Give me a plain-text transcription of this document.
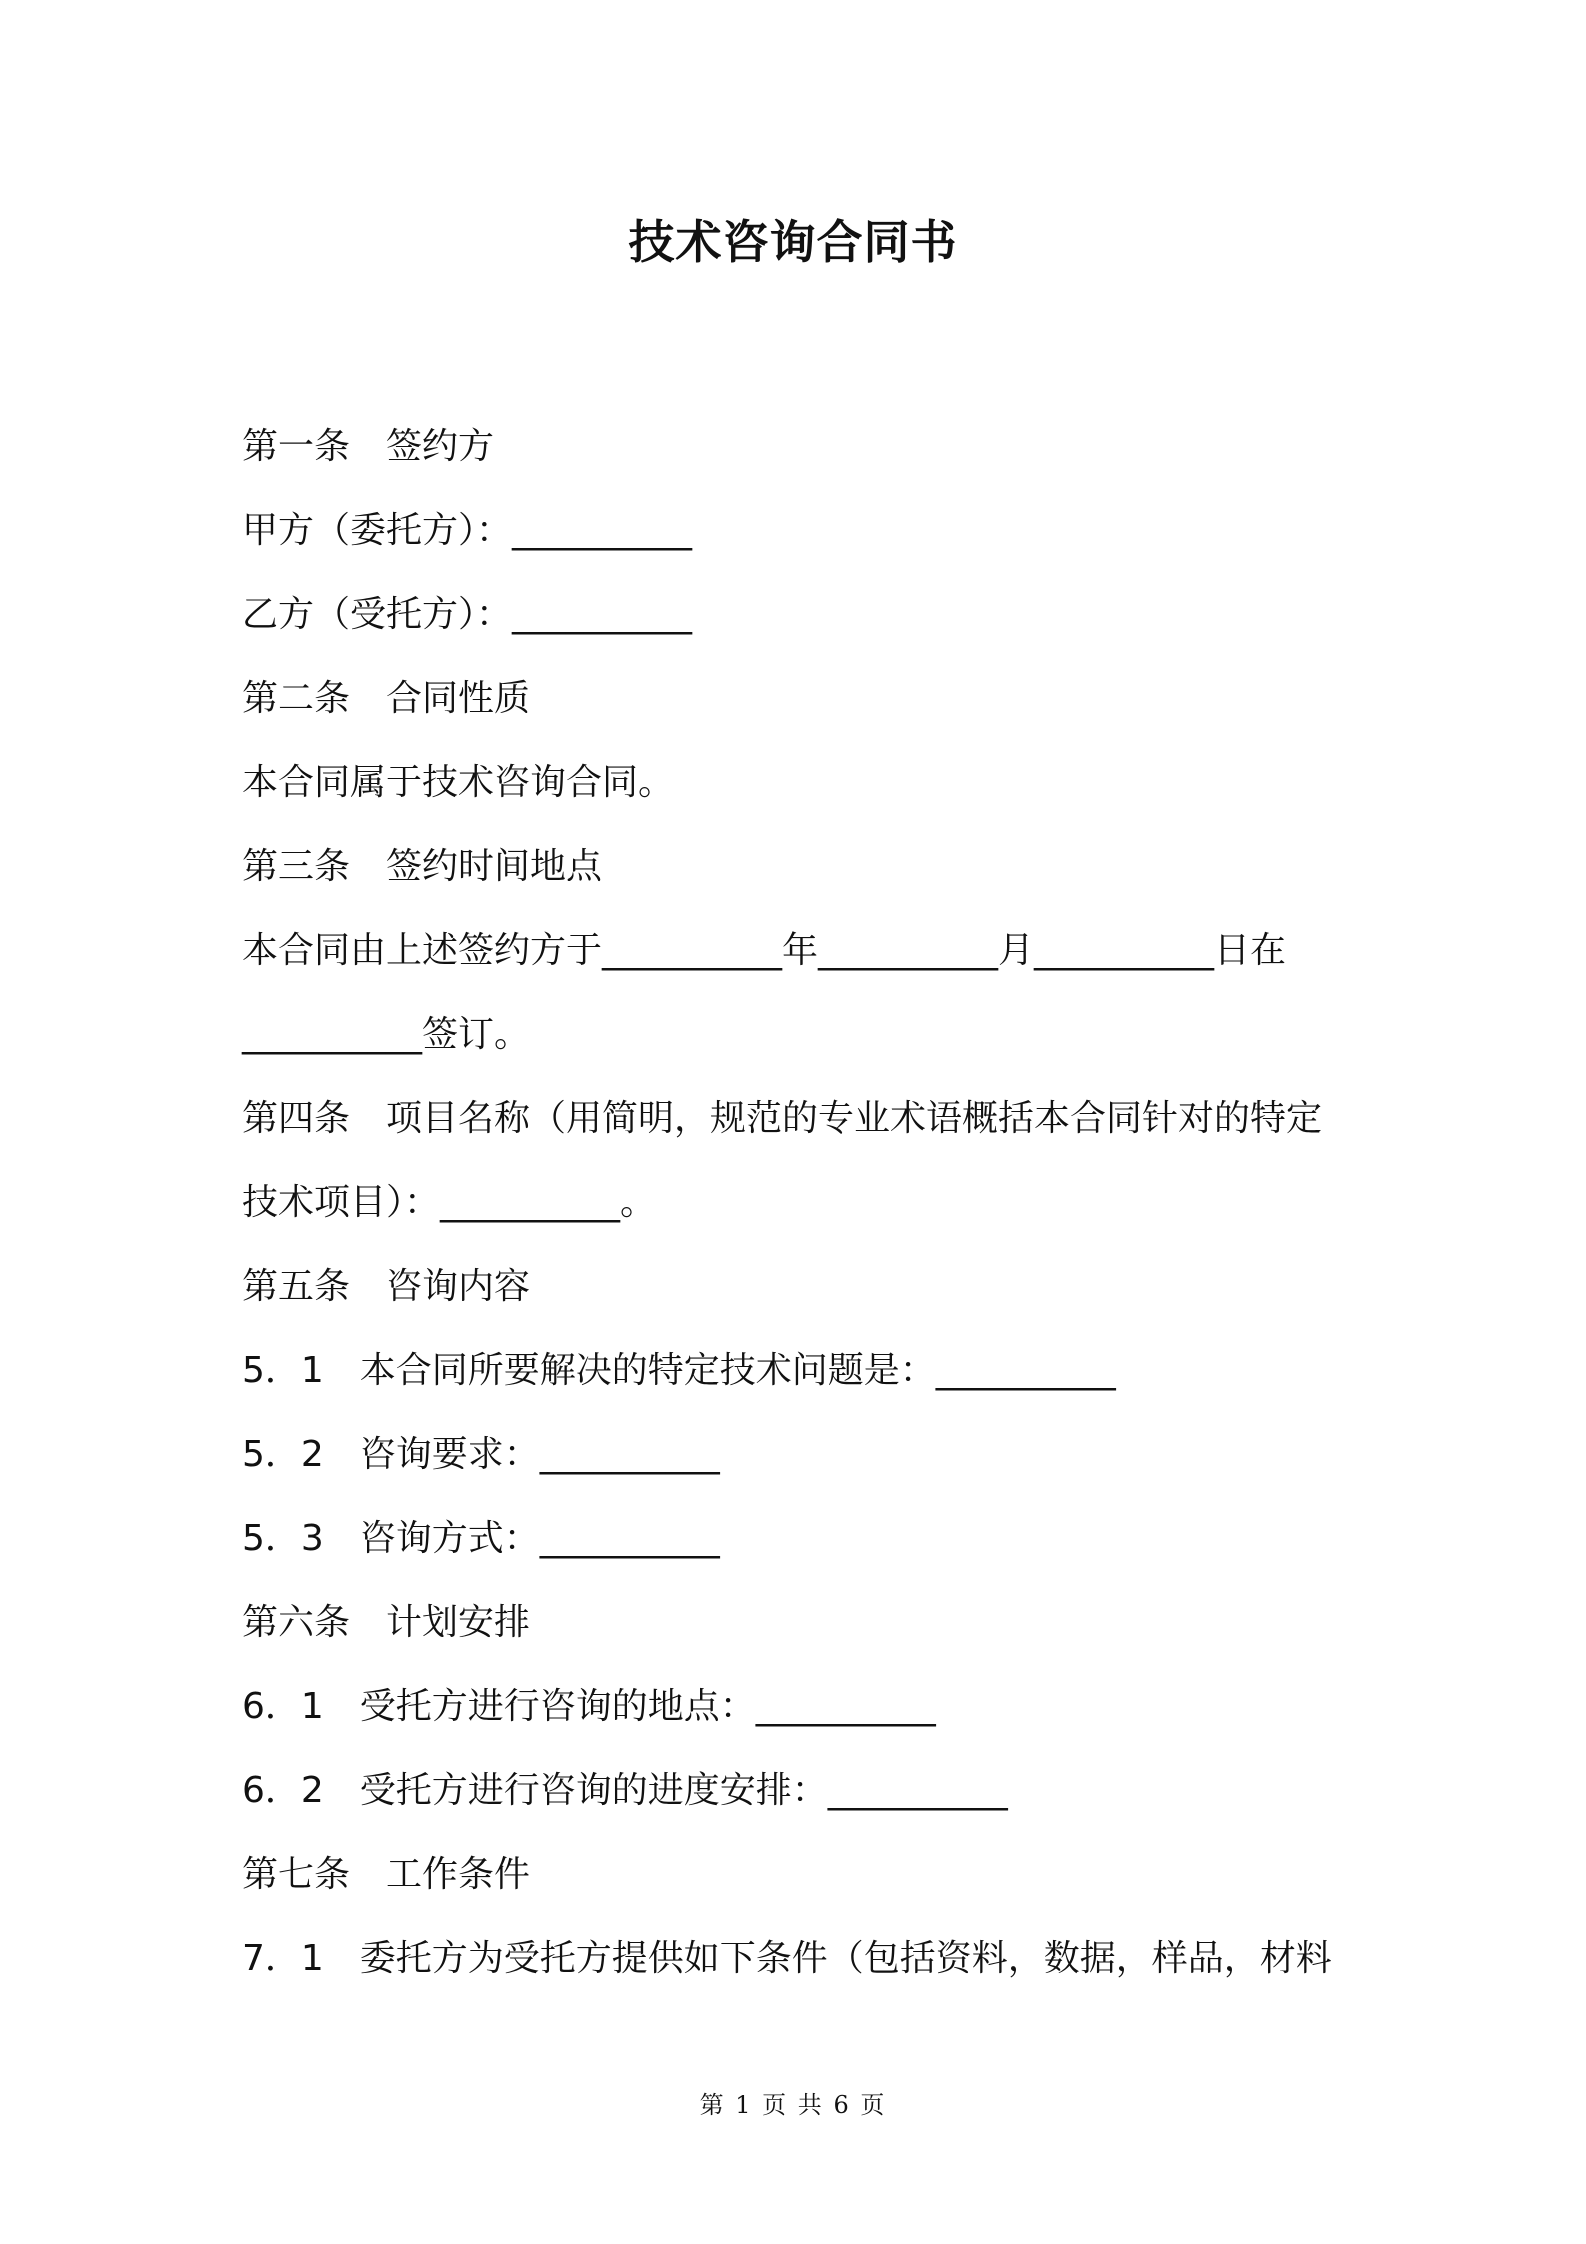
技术咨询合同书
第一条　签约方
甲方（委托方）：__________
乙方（受托方）：__________
第二条　合同性质
本合同属于技术咨询合同。
第三条　签约时间地点
本合同由上述签约方于__________年__________月__________日在
__________签订。
第四条　项目名称（用简明，规范的专业术语概括本合同针对的特定
技术项目）：__________。
第五条　咨询内容
5．1　本合同所要解决的特定技术问题是：__________
5．2　咨询要求：__________
5．3　咨询方式：__________
第六条　计划安排
6．1　受托方进行咨询的地点：__________
6．2　受托方进行咨询的进度安排：__________
第七条　工作条件
7．1　委托方为受托方提供如下条件（包括资料，数据，样品，材料
第 1 页 共 6 页
